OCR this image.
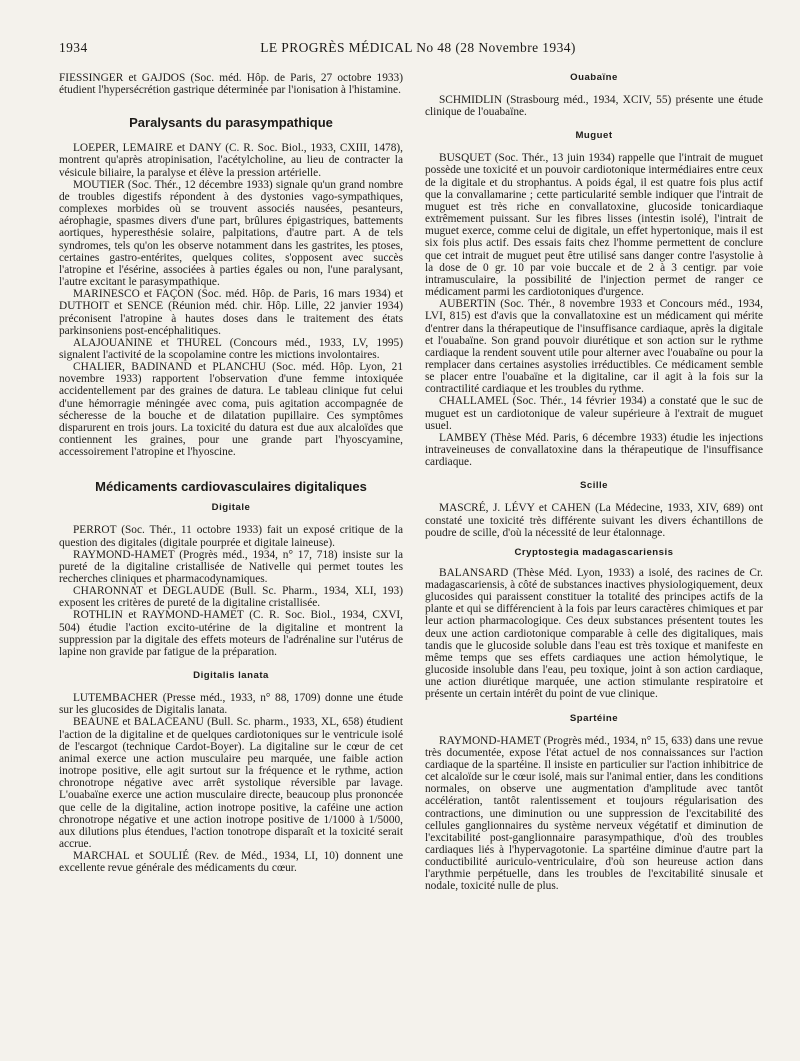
1934	LE PROGRÈS MÉDICAL No 48 (28 Novembre 1934)

FIESSINGER et GAJDOS (Soc. méd. Hôp. de Paris, 27 octobre 1933) étudient l'hypersécrétion gastrique déterminée par l'ionisation à l'histamine.

Paralysants du parasympathique

LOEPER, LEMAIRE et DANY (C. R. Soc. Biol., 1933, CXIII, 1478), montrent qu'après atropinisation, l'acétylcholine, au lieu de contracter la vésicule biliaire, la paralyse et élève la pression artérielle.

MOUTIER (Soc. Thér., 12 décembre 1933) signale qu'un grand nombre de troubles digestifs répondent à des dystonies vago-sympathiques, complexes morbides où se trouvent associés nausées, pesanteurs, aérophagie, spasmes divers d'une part, brûlures épigastriques, battements aortiques, hyperesthésie solaire, palpitations, d'autre part. A de tels syndromes, tels qu'on les observe notamment dans les gastrites, les ptoses, certaines gastro-entérites, quelques colites, s'opposent avec succès l'atropine et l'ésérine, associées à parties égales ou non, l'une paralysant, l'autre excitant le parasympathique.

MARINESCO et FAÇON (Soc. méd. Hôp. de Paris, 16 mars 1934) et DUTHOIT et SENCE (Réunion méd. chir. Hôp. Lille, 22 janvier 1934) préconisent l'atropine à hautes doses dans le traitement des états parkinsoniens post-encéphalitiques.

ALAJOUANINE et THUREL (Concours méd., 1933, LV, 1995) signalent l'activité de la scopolamine contre les mictions involontaires.

CHALIER, BADINAND et PLANCHU (Soc. méd. Hôp. Lyon, 21 novembre 1933) rapportent l'observation d'une femme intoxiquée accidentellement par des graines de datura. Le tableau clinique fut celui d'une hémorragie méningée avec coma, puis agitation accompagnée de sécheresse de la bouche et de dilatation pupillaire. Ces symptômes disparurent en trois jours. La toxicité du datura est due aux alcaloïdes que contiennent les graines, pour une grande part l'hyoscyamine, accessoirement l'atropine et l'hyoscine.

Médicaments cardiovasculaires digitaliques
Digitale

PERROT (Soc. Thér., 11 octobre 1933) fait un exposé critique de la question des digitales (digitale pourprée et digitale laineuse).

RAYMOND-HAMET (Progrès méd., 1934, n° 17, 718) insiste sur la pureté de la digitaline cristallisée de Nativelle qui permet toutes les recherches cliniques et pharmacodynamiques.

CHARONNAT et DEGLAUDE (Bull. Sc. Pharm., 1934, XLI, 193) exposent les critères de pureté de la digitaline cristallisée.

ROTHLIN et RAYMOND-HAMET (C. R. Soc. Biol., 1934, CXVI, 504) étudie l'action excito-utérine de la digitaline et montrent la suppression par la digitale des effets moteurs de l'adrénaline sur l'utérus de lapine non gravide par fatigue de la préparation.

Digitalis lanata

LUTEMBACHER (Presse méd., 1933, n° 88, 1709) donne une étude sur les glucosides de Digitalis lanata.

BEAUNE et BALACEANU (Bull. Sc. pharm., 1933, XL, 658) étudient l'action de la digitaline et de quelques cardiotoniques sur le ventricule isolé de l'escargot (technique Cardot-Boyer). La digitaline sur le cœur de cet animal exerce une action musculaire peu marquée, une faible action inotrope positive, elle agit surtout sur la fréquence et le rythme, action chronotrope négative avec arrêt systolique réversible par lavage. L'ouabaïne exerce une action musculaire directe, beaucoup plus prononcée que celle de la digitaline, action inotrope positive, la caféine une action chronotrope négative et une action inotrope positive de 1/1000 à 1/5000, aux dilutions plus étendues, l'action tonotrope disparaît et la toxicité serait accrue.

MARCHAL et SOULIÉ (Rev. de Méd., 1934, LI, 10) donnent une excellente revue générale des médicaments du cœur.

Ouabaïne

SCHMIDLIN (Strasbourg méd., 1934, XCIV, 55) présente une étude clinique de l'ouabaïne.

Muguet

BUSQUET (Soc. Thér., 13 juin 1934) rappelle que l'intrait de muguet possède une toxicité et un pouvoir cardiotonique intermédiaires entre ceux de la digitale et du strophantus. A poids égal, il est quatre fois plus actif que la convallamarine ; cette particularité semble indiquer que l'intrait de muguet est très riche en convallatoxine, glucoside tonicardiaque extrêmement puissant. Sur les fibres lisses (intestin isolé), l'intrait de muguet exerce, comme celui de digitale, un effet hypertonique, mais il est six fois plus actif. Des essais faits chez l'homme permettent de conclure que cet intrait de muguet peut être utilisé sans danger contre l'asystolie à la dose de 0 gr. 10 par voie buccale et de 2 à 3 centigr. par voie intramusculaire, la possibilité de l'injection permet de ranger ce médicament parmi les cardiotoniques d'urgence.

AUBERTIN (Soc. Thér., 8 novembre 1933 et Concours méd., 1934, LVI, 815) est d'avis que la convallatoxine est un médicament qui mérite d'entrer dans la thérapeutique de l'insuffisance cardiaque, après la digitale et l'ouabaïne. Son grand pouvoir diurétique et son action sur le rythme cardiaque la rendent souvent utile pour alterner avec l'ouabaïne ou pour la remplacer dans certaines asystolies irréductibles. Ce médicament semble se placer entre l'ouabaïne et la digitaline, car il agit à la fois sur la contractilité cardiaque et les troubles du rythme.

CHALLAMEL (Soc. Thér., 14 février 1934) a constaté que le suc de muguet est un cardiotonique de valeur supérieure à l'extrait de muguet usuel.

LAMBEY (Thèse Méd. Paris, 6 décembre 1933) étudie les injections intraveineuses de convallatoxine dans la thérapeutique de l'insuffisance cardiaque.

Scille

MASCRÉ, J. LÉVY et CAHEN (La Médecine, 1933, XIV, 689) ont constaté une toxicité très différente suivant les divers échantillons de poudre de scille, d'où la nécessité de leur étalonnage.

Cryptostegia madagascariensis

BALANSARD (Thèse Méd. Lyon, 1933) a isolé, des racines de Cr. madagascariensis, à côté de substances inactives physiologiquement, deux glucosides qui paraissent constituer la totalité des principes actifs de la plante et qui se différencient à la fois par leurs caractères chimiques et par leur action pharmacologique. Ces deux substances présentent toutes les deux une action cardiotonique comparable à celle des digitaliques, mais tandis que le glucoside soluble dans l'eau est très toxique et manifeste en même temps que ses effets cardiaques une action hémolytique, le glucoside insoluble dans l'eau, peu toxique, joint à son action cardiaque, une action diurétique marquée, une action stimulante respiratoire et présente un certain intérêt du point de vue clinique.

Spartéine

RAYMOND-HAMET (Progrès méd., 1934, n° 15, 633) dans une revue très documentée, expose l'état actuel de nos connaissances sur l'action cardiaque de la spartéine. Il insiste en particulier sur l'action inhibitrice de cet alcaloïde sur le cœur isolé, mais sur l'animal entier, dans les conditions normales, on observe une augmentation d'amplitude avec tantôt accélération, tantôt ralentissement et toujours régularisation des contractions, une diminution ou une suppression de l'excitabilité des cellules ganglionnaires du système nerveux végétatif et diminution de l'excitabilité post-ganglionnaire parasympathique, d'où des troubles cardiaques liés à l'hypervagotonie. La spartéine diminue d'autre part la conductibilité auriculo-ventriculaire, d'où son heureuse action dans l'arythmie perpétuelle, dans les troubles de l'excitabilité sinusale et nodale, toxicité nulle de plus.
